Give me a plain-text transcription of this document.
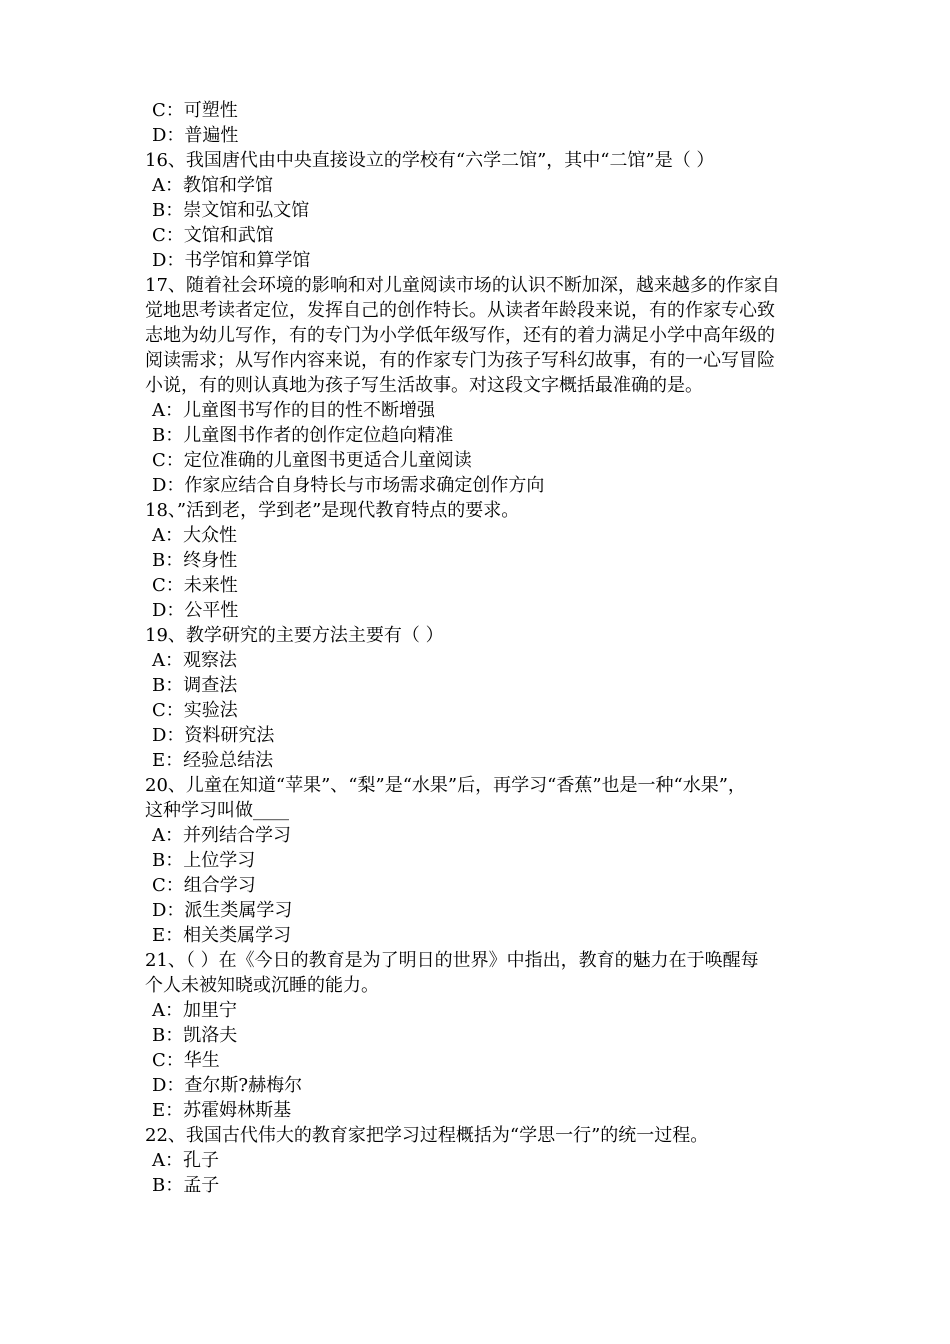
C：可塑性
D：普遍性
16、我国唐代由中央直接设立的学校有“六学二馆”，其中“二馆”是（ ）
A：教馆和学馆
B：崇文馆和弘文馆
C：文馆和武馆
D：书学馆和算学馆
17、随着社会环境的影响和对儿童阅读市场的认识不断加深，越来越多的作家自
觉地思考读者定位，发挥自己的创作特长。从读者年龄段来说，有的作家专心致
志地为幼儿写作，有的专门为小学低年级写作，还有的着力满足小学中高年级的
阅读需求；从写作内容来说，有的作家专门为孩子写科幻故事，有的一心写冒险
小说，有的则认真地为孩子写生活故事。对这段文字概括最准确的是。
A：儿童图书写作的目的性不断增强
B：儿童图书作者的创作定位趋向精准
C：定位准确的儿童图书更适合儿童阅读
D：作家应结合自身特长与市场需求确定创作方向
18、”活到老，学到老”是现代教育特点的要求。
A：大众性
B：终身性
C：未来性
D：公平性
19、教学研究的主要方法主要有（ ）
A：观察法
B：调查法
C：实验法
D：资料研究法
E：经验总结法
20、儿童在知道“苹果”、“梨”是“水果”后，再学习“香蕉”也是一种“水果”，
这种学习叫做____
A：并列结合学习
B：上位学习
C：组合学习
D：派生类属学习
E：相关类属学习
21、（ ）在《今日的教育是为了明日的世界》中指出，教育的魅力在于唤醒每
个人未被知晓或沉睡的能力。
A：加里宁
B：凯洛夫
C：华生
D：查尔斯?赫梅尔
E：苏霍姆林斯基
22、我国古代伟大的教育家把学习过程概括为“学思一行”的统一过程。
A：孔子
B：孟子
